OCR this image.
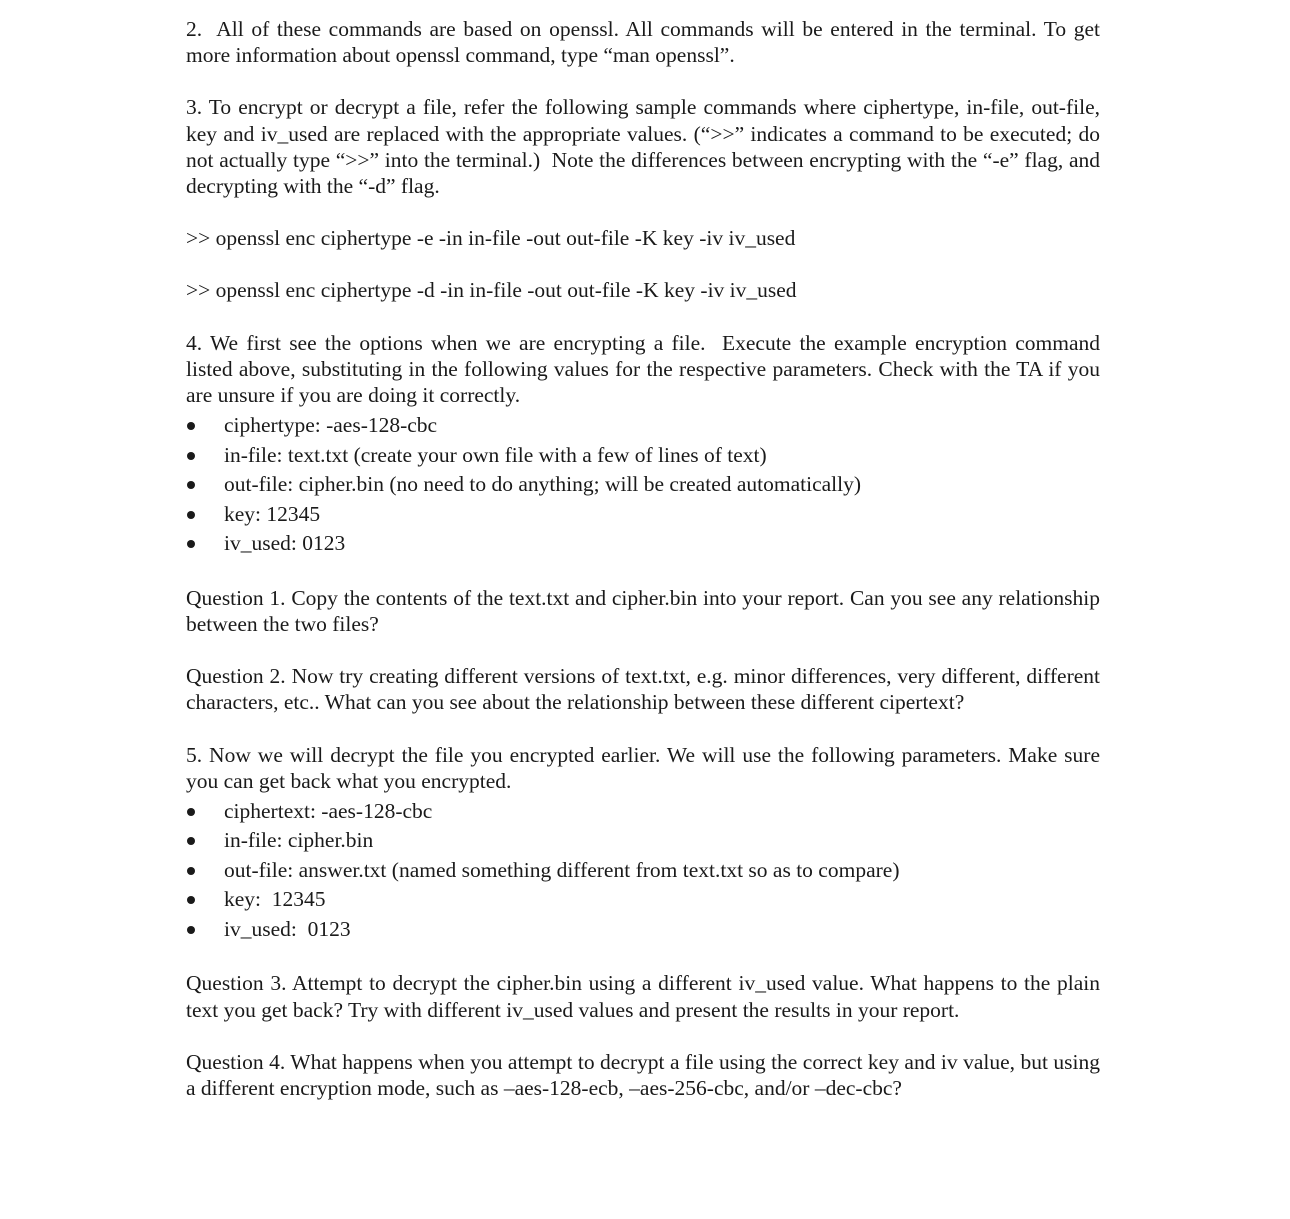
2.  All of these commands are based on openssl. All commands will be entered in the terminal. To get more information about openssl command, type “man openssl”.

3. To encrypt or decrypt a file, refer the following sample commands where ciphertype, in-file, out-file, key and iv_used are replaced with the appropriate values. (“>>” indicates a command to be executed; do not actually type “>>” into the terminal.)  Note the differences between encrypting with the “-e” flag, and decrypting with the “-d” flag.

>> openssl enc ciphertype -e -in in-file -out out-file -K key -iv iv_used

>> openssl enc ciphertype -d -in in-file -out out-file -K key -iv iv_used

4. We first see the options when we are encrypting a file.  Execute the example encryption command listed above, substituting in the following values for the respective parameters. Check with the TA if you are unsure if you are doing it correctly.

ciphertype: -aes-128-cbc
in-file: text.txt (create your own file with a few of lines of text)
out-file: cipher.bin (no need to do anything; will be created automatically)
key: 12345
iv_used: 0123

Question 1. Copy the contents of the text.txt and cipher.bin into your report. Can you see any relationship between the two files?

Question 2. Now try creating different versions of text.txt, e.g. minor differences, very different, different characters, etc.. What can you see about the relationship between these different cipertext?

5. Now we will decrypt the file you encrypted earlier. We will use the following parameters. Make sure you can get back what you encrypted.

ciphertext: -aes-128-cbc
in-file: cipher.bin
out-file: answer.txt (named something different from text.txt so as to compare)
key:  12345
iv_used:  0123

Question 3. Attempt to decrypt the cipher.bin using a different iv_used value. What happens to the plain text you get back? Try with different iv_used values and present the results in your report.

Question 4. What happens when you attempt to decrypt a file using the correct key and iv value, but using a different encryption mode, such as –aes-128-ecb, –aes-256-cbc, and/or –dec-cbc?
